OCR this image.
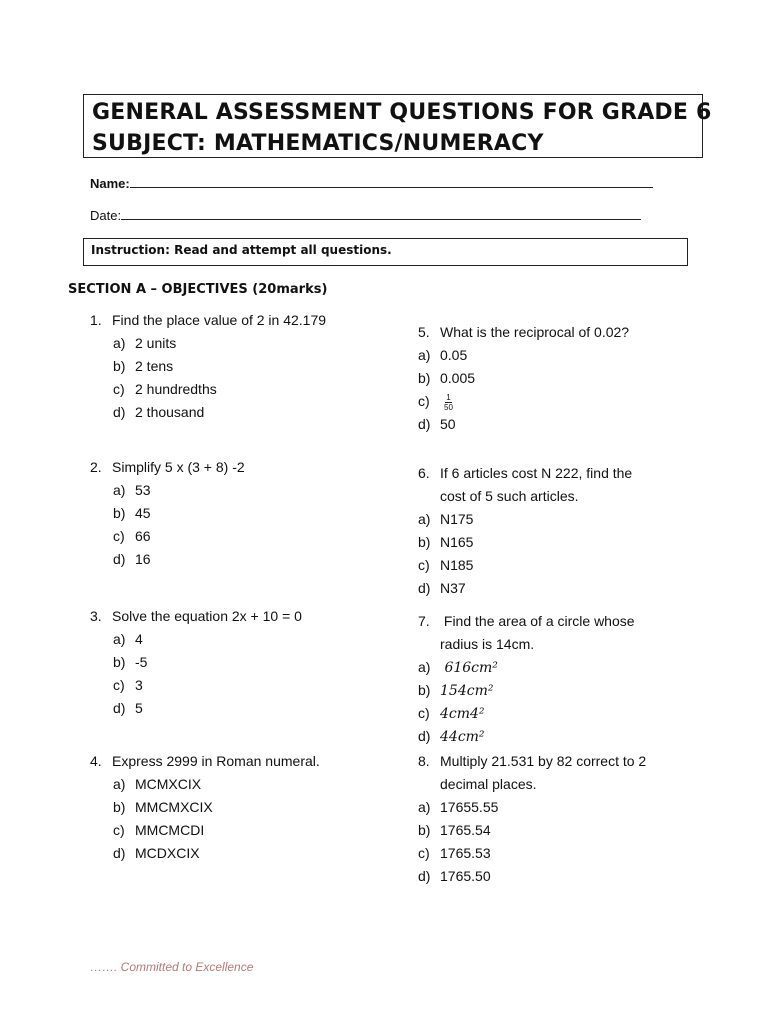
GENERAL ASSESSMENT QUESTIONS FOR GRADE 6
SUBJECT: MATHEMATICS/NUMERACY
Name:
Date:
Instruction: Read and attempt all questions.
SECTION A – OBJECTIVES (20marks)
1. Find the place value of 2 in 42.179
a) 2 units
b) 2 tens
c) 2 hundredths
d) 2 thousand
2. Simplify 5 x (3 + 8) -2
a) 53
b) 45
c) 66
d) 16
3. Solve the equation 2x + 10 = 0
a) 4
b) -5
c) 3
d) 5
4. Express 2999 in Roman numeral.
a) MCMXCIX
b) MMCMXCIX
c) MMCMCDI
d) MCDXCIX
5. What is the reciprocal of 0.02?
a) 0.05
b) 0.005
$c) \frac{1}{50}$
d) 50
6. If 6 articles cost N 222, find the
cost of 5 such articles.
a) N175
b) N165
c) N185
d) N37
7. Find the area of a circle whose
radius is 14cm.
a) 616cm²
b) 154cm²
c) 4cm4²
d) 44cm²
8. Multiply 21.531 by 82 correct to 2
decimal places.
a) 17655.55
b) 1765.54
c) 1765.53
d) 1765.50
……. Committed to Excellence
